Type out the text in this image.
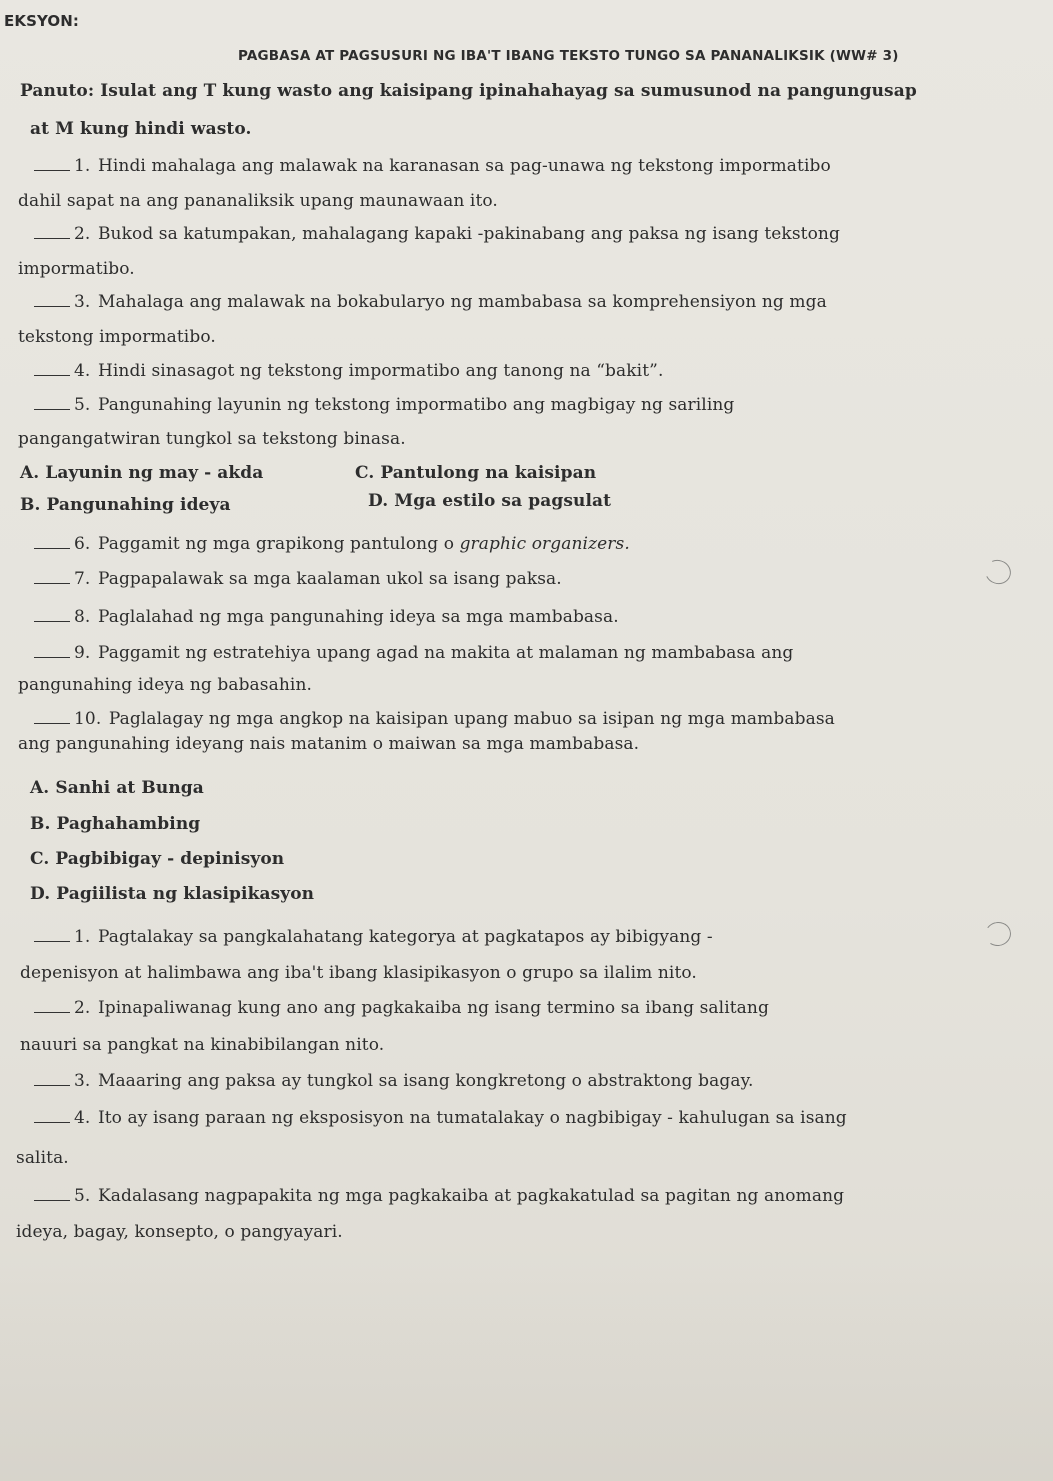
EKSYON:
PAGBASA AT PAGSUSURI NG IBA'T IBANG TEKSTO TUNGO SA PANANALIKSIK (WW# 3)
Panuto: Isulat ang T kung wasto ang kaisipang ipinahahayag sa sumusunod na pangungusap
at M kung hindi wasto.
1. Hindi mahalaga ang malawak na karanasan sa pag-unawa ng tekstong impormatibo
dahil sapat na ang pananaliksik upang maunawaan ito.
2. Bukod sa katumpakan, mahalagang kapaki -pakinabang ang paksa ng isang tekstong
impormatibo.
3. Mahalaga ang malawak na bokabularyo ng mambabasa sa komprehensiyon ng mga
tekstong impormatibo.
4. Hindi sinasagot ng tekstong impormatibo ang tanong na “bakit”.
5. Pangunahing layunin ng tekstong impormatibo ang magbigay ng sariling
pangangatwiran tungkol sa tekstong binasa.
A. Layunin ng may - akda	C. Pantulong na kaisipan
B. Pangunahing ideya	D. Mga estilo sa pagsulat
6. Paggamit ng mga grapikong pantulong o graphic organizers.
7. Pagpapalawak sa mga kaalaman ukol sa isang paksa.
8. Paglalahad ng mga pangunahing ideya sa mga mambabasa.
9. Paggamit ng estratehiya upang agad na makita at malaman ng mambabasa ang
pangunahing ideya ng babasahin.
10. Paglalagay ng mga angkop na kaisipan upang mabuo sa isipan ng mga mambabasa
ang pangunahing ideyang nais matanim o maiwan sa mga mambabasa.
A. Sanhi at Bunga
B. Paghahambing
C. Pagbibigay - depinisyon
D. Pagiilista ng klasipikasyon
1. Pagtalakay sa pangkalahatang kategorya at pagkatapos ay bibigyang -
depenisyon at halimbawa ang iba't ibang klasipikasyon o grupo sa ilalim nito.
2. Ipinapaliwanag kung ano ang pagkakaiba ng isang termino sa ibang salitang
nauuri sa pangkat na kinabibilangan nito.
3. Maaaring ang paksa ay tungkol sa isang kongkretong o abstraktong bagay.
4. Ito ay isang paraan ng eksposisyon na tumatalakay o nagbibigay - kahulugan sa isang
salita.
5. Kadalasang nagpapakita ng mga pagkakaiba at pagkakatulad sa pagitan ng anomang
ideya, bagay, konsepto, o pangyayari.
